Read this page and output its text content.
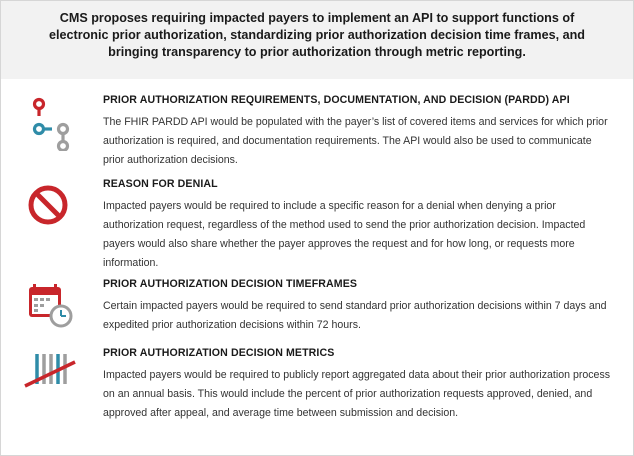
CMS proposes requiring impacted payers to implement an API to support functions of electronic prior authorization, standardizing prior authorization decision time frames, and bringing transparency to prior authorization through metric reporting.
PRIOR AUTHORIZATION REQUIREMENTS, DOCUMENTATION, AND DECISION (PARDD) API
The FHIR PARDD API would be populated with the payer’s list of covered items and services for which prior authorization is required, and documentation requirements. The API would also be used to communicate prior authorization decisions.
REASON FOR DENIAL
Impacted payers would be required to include a specific reason for a denial when denying a prior authorization request, regardless of the method used to send the prior authorization decision. Impacted payers would also share whether the payer approves the request and for how long, or requests more information.
PRIOR AUTHORIZATION DECISION TIMEFRAMES
Certain impacted payers would be required to send standard prior authorization decisions within 7 days and expedited prior authorization decisions within 72 hours.
PRIOR AUTHORIZATION DECISION METRICS
Impacted payers would be required to publicly report aggregated data about their prior authorization process on an annual basis. This would include the percent of prior authorization requests approved, denied, and approved after appeal, and average time between submission and decision.
